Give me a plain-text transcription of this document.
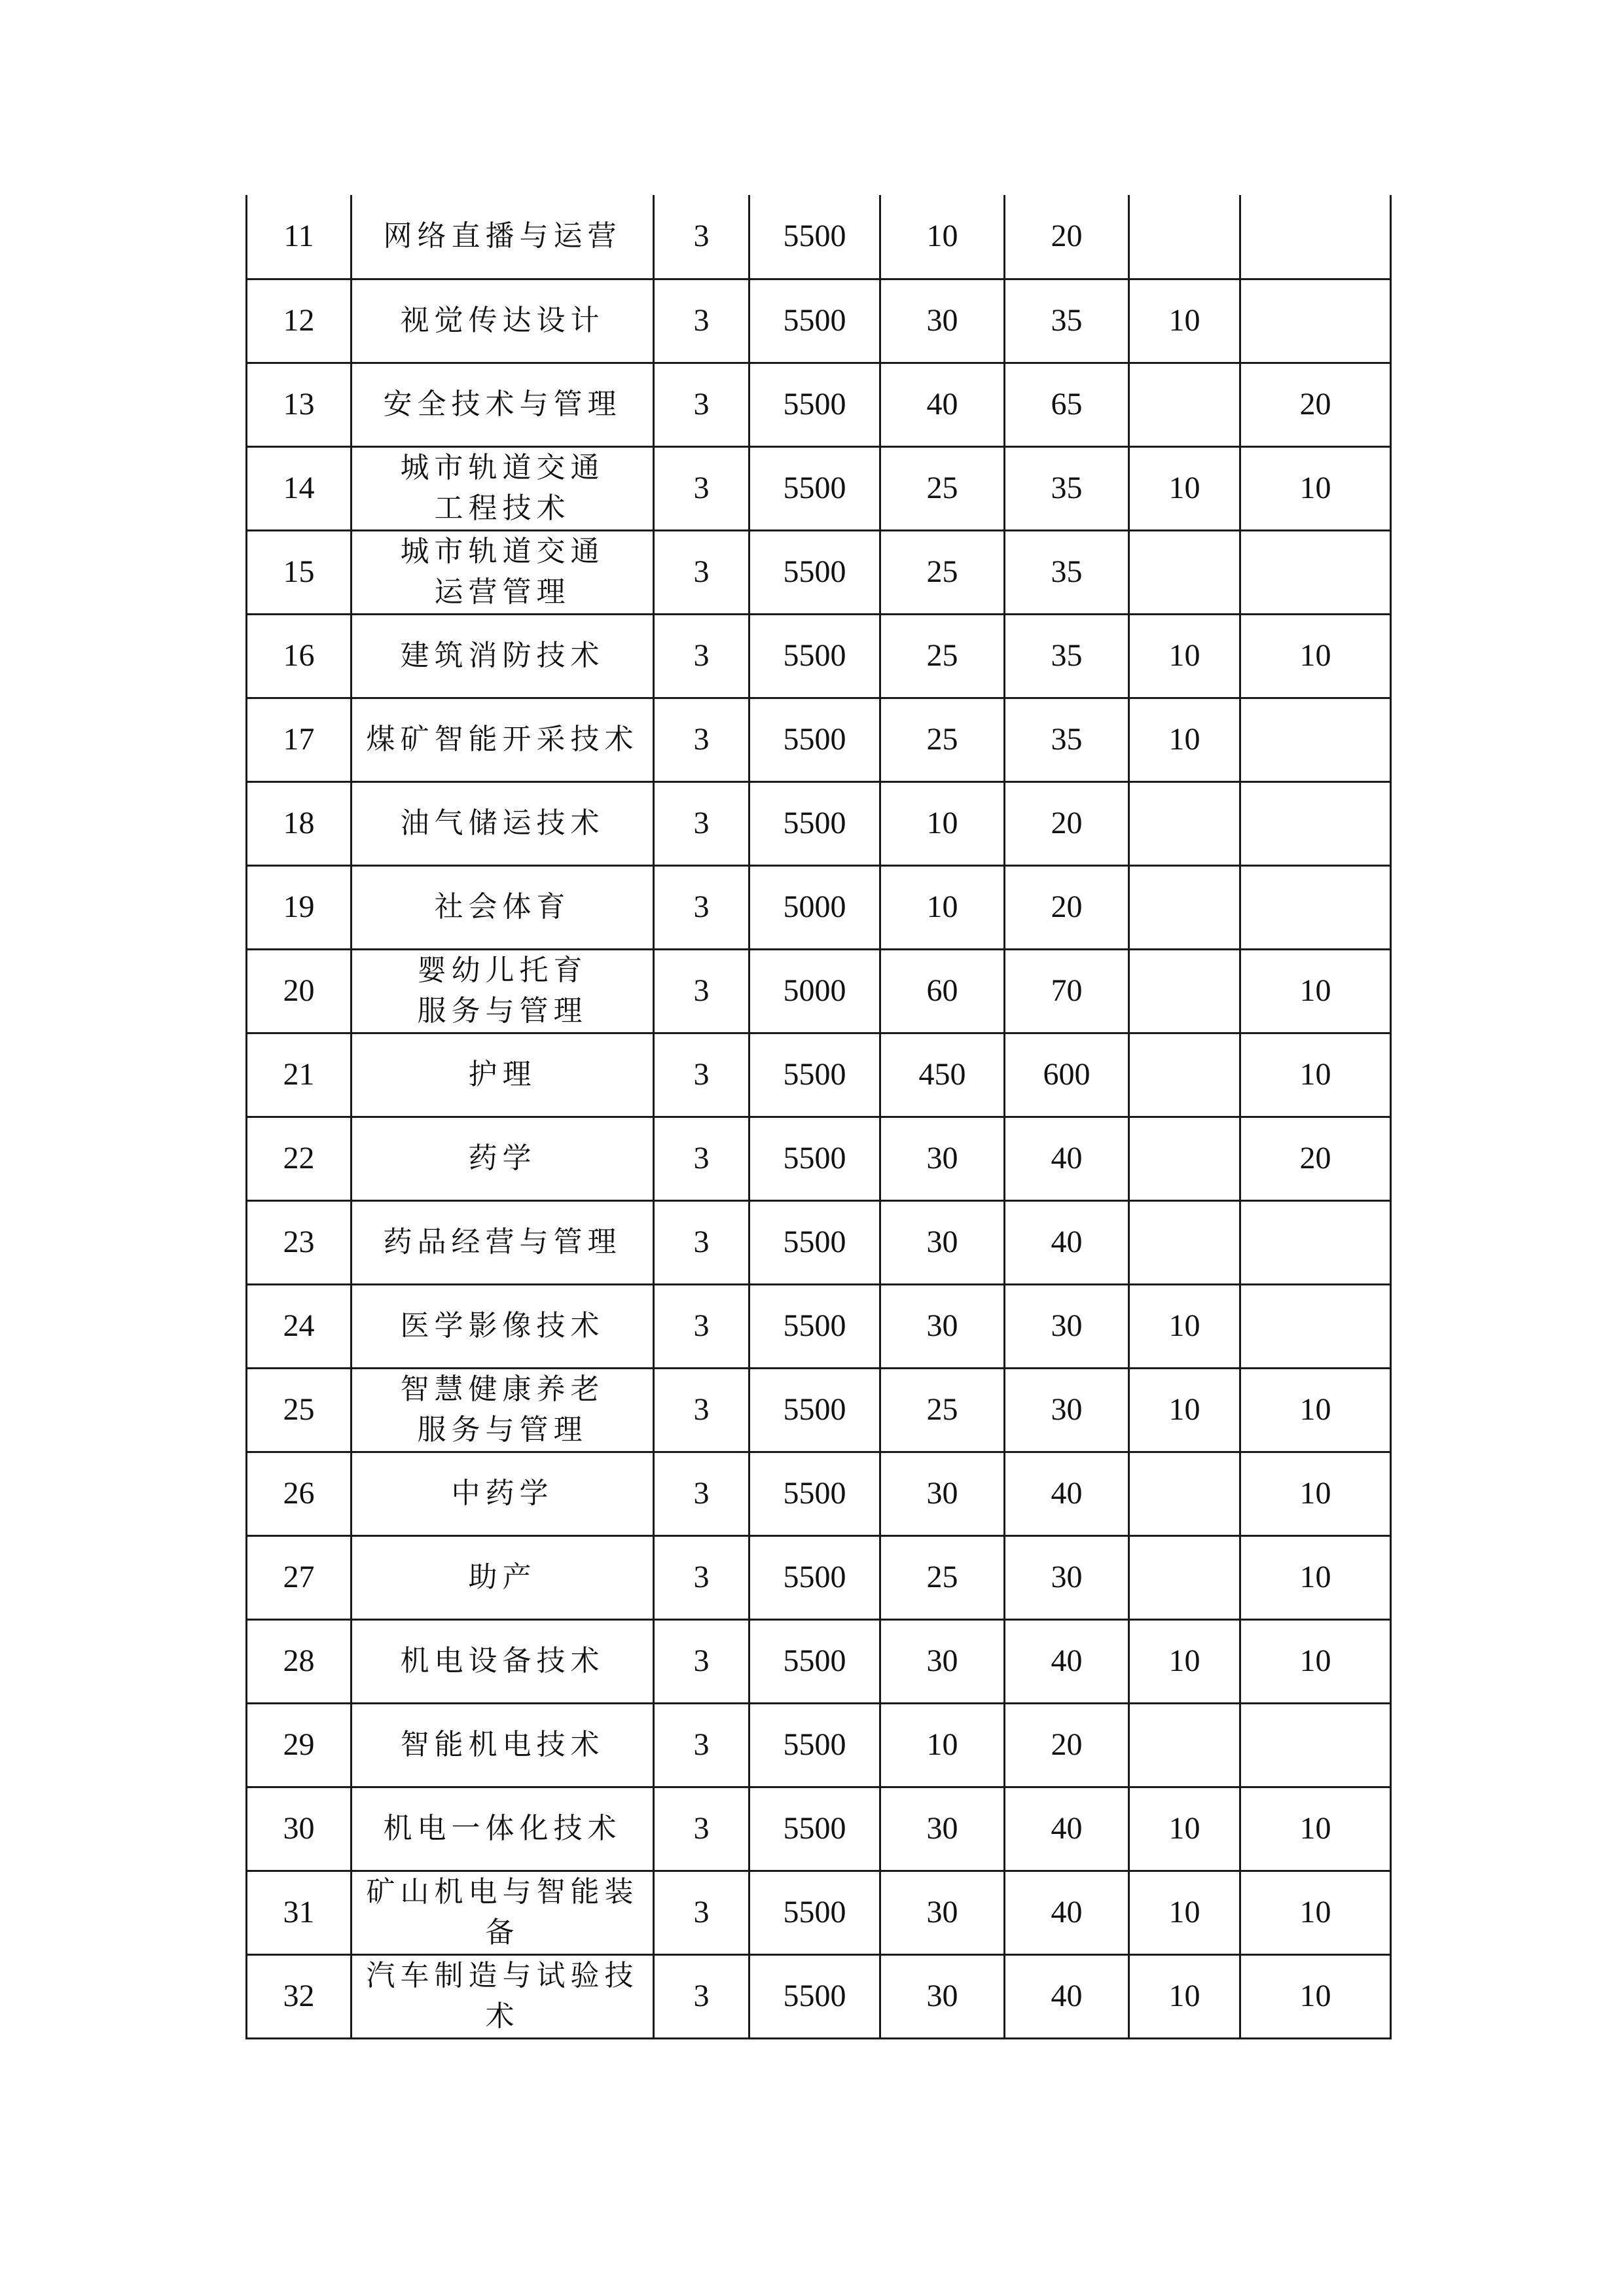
11	网络直播与运营	3	5500	10	20		
12	视觉传达设计	3	5500	30	35	10	
13	安全技术与管理	3	5500	40	65		20
14	城市轨道交通
工程技术	3	5500	25	35	10	10
15	城市轨道交通
运营管理	3	5500	25	35		
16	建筑消防技术	3	5500	25	35	10	10
17	煤矿智能开采技术	3	5500	25	35	10	
18	油气储运技术	3	5500	10	20		
19	社会体育	3	5000	10	20		
20	婴幼儿托育
服务与管理	3	5000	60	70		10
21	护理	3	5500	450	600		10
22	药学	3	5500	30	40		20
23	药品经营与管理	3	5500	30	40		
24	医学影像技术	3	5500	30	30	10	
25	智慧健康养老
服务与管理	3	5500	25	30	10	10
26	中药学	3	5500	30	40		10
27	助产	3	5500	25	30		10
28	机电设备技术	3	5500	30	40	10	10
29	智能机电技术	3	5500	10	20		
30	机电一体化技术	3	5500	30	40	10	10
31	矿山机电与智能装
备	3	5500	30	40	10	10
32	汽车制造与试验技
术	3	5500	30	40	10	10
